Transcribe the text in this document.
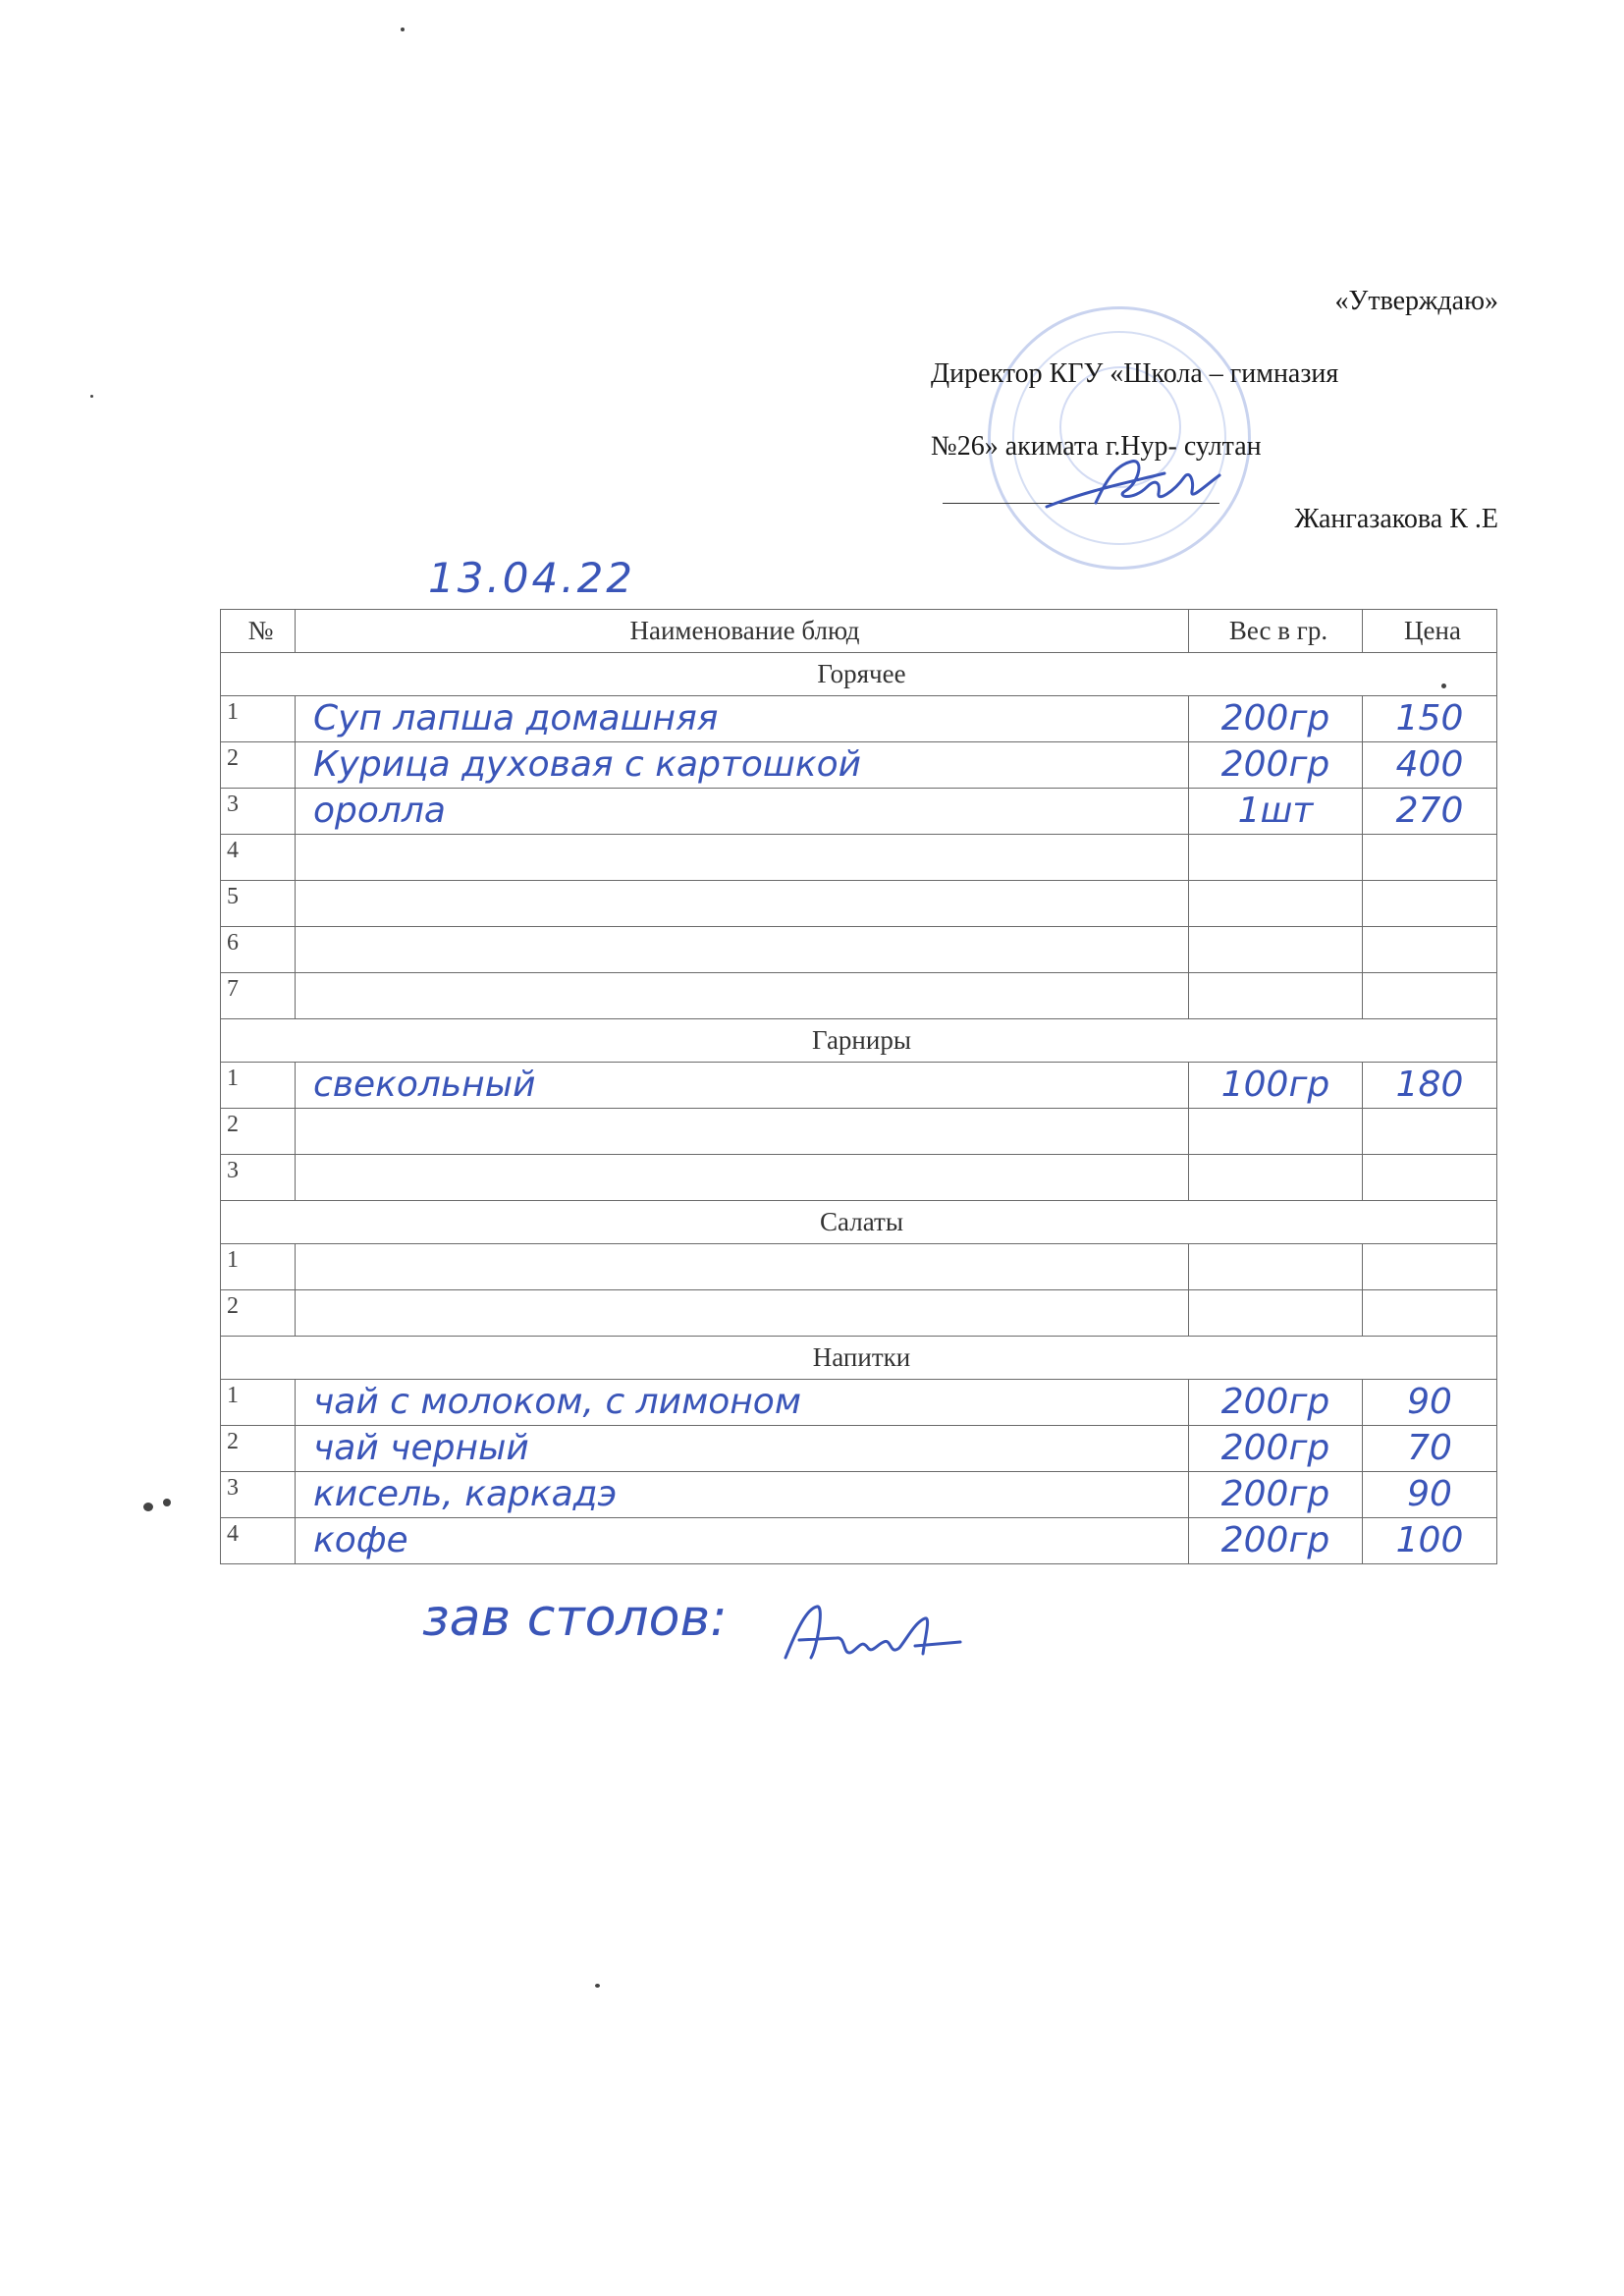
«Утверждаю»
Директор КГУ «Школа – гимназия
№26» акимата г.Нур- султан
Жангазакова К .Е
13.04.22
№	Наименование блюд	Вес в гр.	Цена
Горячее			
1	Суп лапша домашняя	200гр	150
2	Курица духовая с картошкой	200гр	400
3	оролла	1шт	270
4			
5			
6			
7			
Гарниры			
1	свекольный	100гр	180
2			
3			
Салаты			
1			
2			
Напитки			
1	чай с молоком, с лимоном	200гр	90
2	чай черный	200гр	70
3	кисель, каркадэ	200гр	90
4	кофе	200гр	100
зав столов:
